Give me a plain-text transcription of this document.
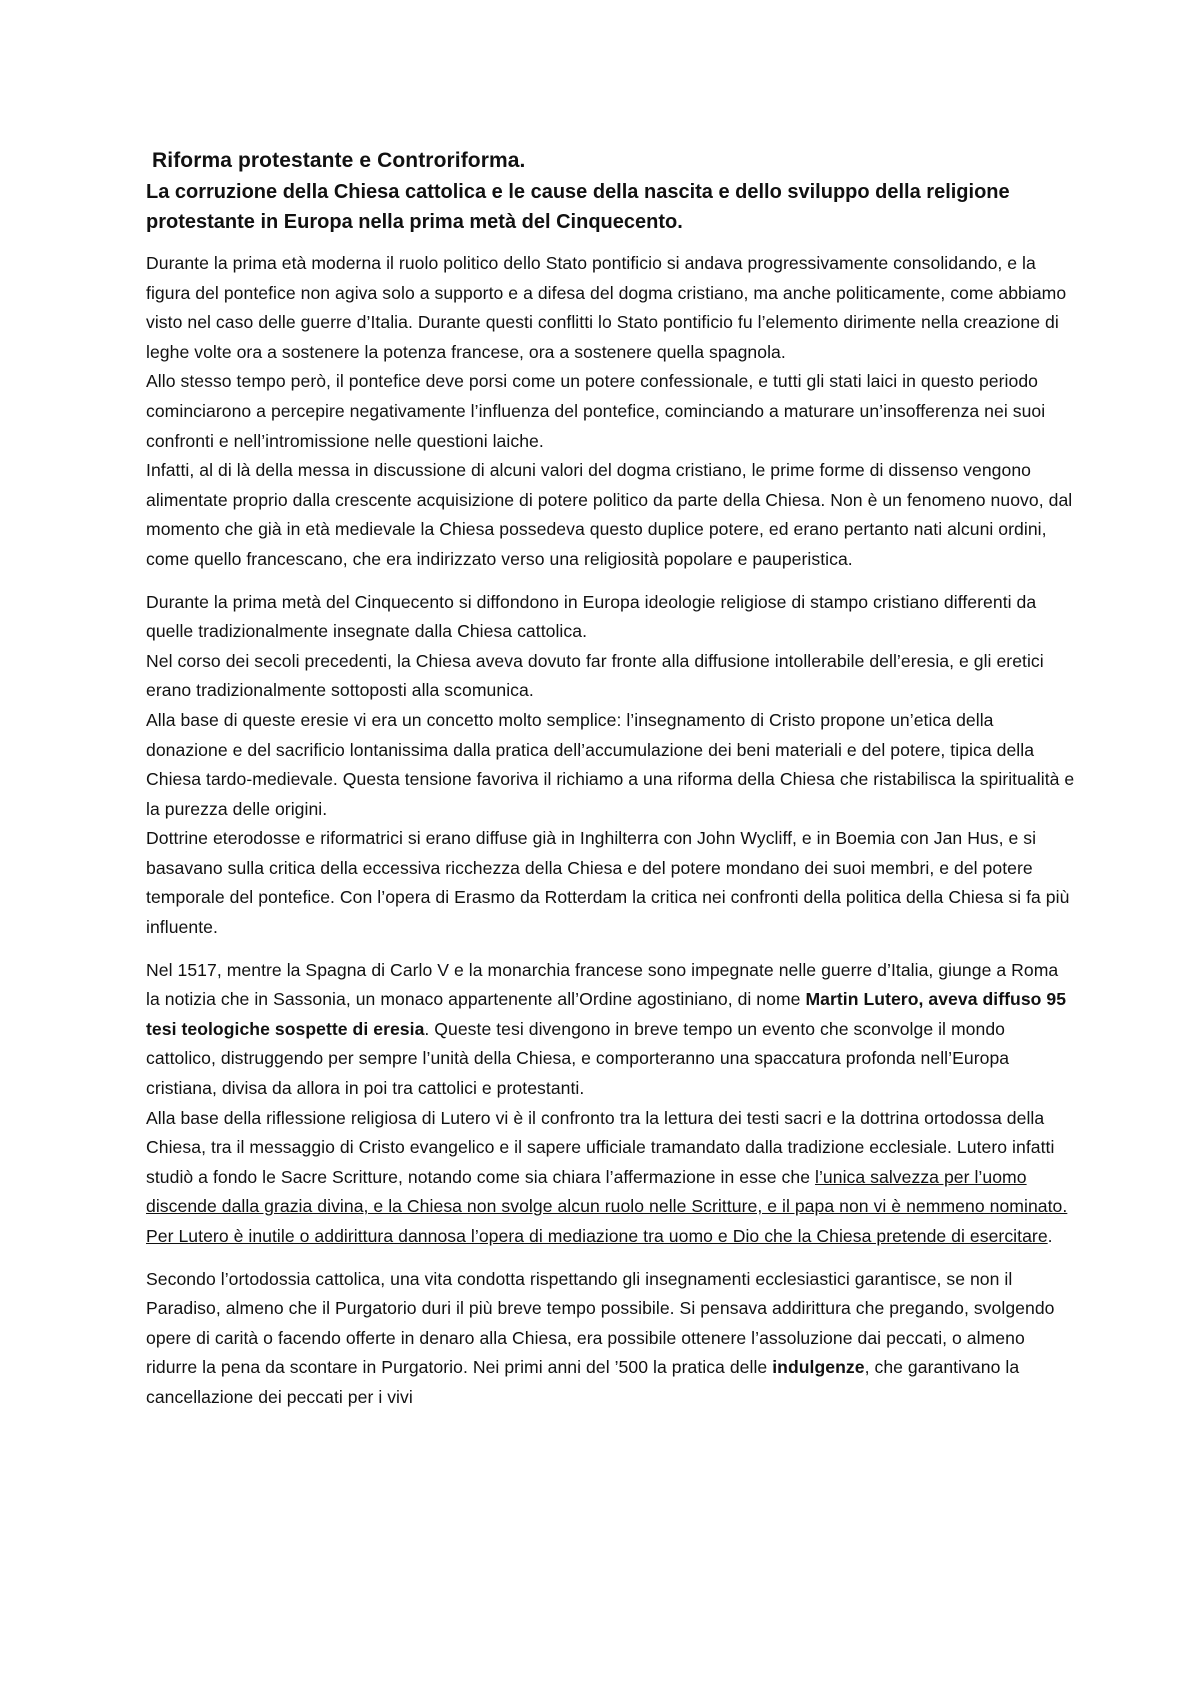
Riforma protestante e Controriforma.
La corruzione della Chiesa cattolica e le cause della nascita e dello sviluppo della religione protestante in Europa nella prima metà del Cinquecento.
Durante la prima età moderna il ruolo politico dello Stato pontificio si andava progressivamente consolidando, e la figura del pontefice non agiva solo a supporto e a difesa del dogma cristiano, ma anche politicamente, come abbiamo visto nel caso delle guerre d’Italia. Durante questi conflitti lo Stato pontificio fu l’elemento dirimente nella creazione di leghe volte ora a sostenere la potenza francese, ora a sostenere quella spagnola.
Allo stesso tempo però, il pontefice deve porsi come un potere confessionale, e tutti gli stati laici in questo periodo cominciarono a percepire negativamente l’influenza del pontefice, cominciando a maturare un’insofferenza nei suoi confronti e nell’intromissione nelle questioni laiche.
Infatti, al di là della messa in discussione di alcuni valori del dogma cristiano, le prime forme di dissenso vengono alimentate proprio dalla crescente acquisizione di potere politico da parte della Chiesa. Non è un fenomeno nuovo, dal momento che già in età medievale la Chiesa possedeva questo duplice potere, ed erano pertanto nati alcuni ordini, come quello francescano, che era indirizzato verso una religiosità popolare e pauperistica.
Durante la prima metà del Cinquecento si diffondono in Europa ideologie religiose di stampo cristiano differenti da quelle tradizionalmente insegnate dalla Chiesa cattolica.
Nel corso dei secoli precedenti, la Chiesa aveva dovuto far fronte alla diffusione intollerabile dell’eresia, e gli eretici erano tradizionalmente sottoposti alla scomunica.
Alla base di queste eresie vi era un concetto molto semplice: l’insegnamento di Cristo propone un’etica della donazione e del sacrificio lontanissima dalla pratica dell’accumulazione dei beni materiali e del potere, tipica della Chiesa tardo-medievale. Questa tensione favoriva il richiamo a una riforma della Chiesa che ristabilisca la spiritualità e la purezza delle origini.
Dottrine eterodosse e riformatrici si erano diffuse già in Inghilterra con John Wycliff, e in Boemia con Jan Hus, e si basavano sulla critica della eccessiva ricchezza della Chiesa e del potere mondano dei suoi membri, e del potere temporale del pontefice. Con l’opera di Erasmo da Rotterdam la critica nei confronti della politica della Chiesa si fa più influente.
Nel 1517, mentre la Spagna di Carlo V e la monarchia francese sono impegnate nelle guerre d’Italia, giunge a Roma la notizia che in Sassonia, un monaco appartenente all’Ordine agostiniano, di nome Martin Lutero, aveva diffuso 95 tesi teologiche sospette di eresia. Queste tesi divengono in breve tempo un evento che sconvolge il mondo cattolico, distruggendo per sempre l’unità della Chiesa, e comporteranno una spaccatura profonda nell’Europa cristiana, divisa da allora in poi tra cattolici e protestanti.
Alla base della riflessione religiosa di Lutero vi è il confronto tra la lettura dei testi sacri e la dottrina ortodossa della Chiesa, tra il messaggio di Cristo evangelico e il sapere ufficiale tramandato dalla tradizione ecclesiale. Lutero infatti studiò a fondo le Sacre Scritture, notando come sia chiara l’affermazione in esse che l’unica salvezza per l’uomo discende dalla grazia divina, e la Chiesa non svolge alcun ruolo nelle Scritture, e il papa non vi è nemmeno nominato. Per Lutero è inutile o addirittura dannosa l’opera di mediazione tra uomo e Dio che la Chiesa pretende di esercitare.
Secondo l’ortodossia cattolica, una vita condotta rispettando gli insegnamenti ecclesiastici garantisce, se non il Paradiso, almeno che il Purgatorio duri il più breve tempo possibile. Si pensava addirittura che pregando, svolgendo opere di carità o facendo offerte in denaro alla Chiesa, era possibile ottenere l’assoluzione dai peccati, o almeno ridurre la pena da scontare in Purgatorio. Nei primi anni del ’500 la pratica delle indulgenze, che garantivano la cancellazione dei peccati per i vivi
